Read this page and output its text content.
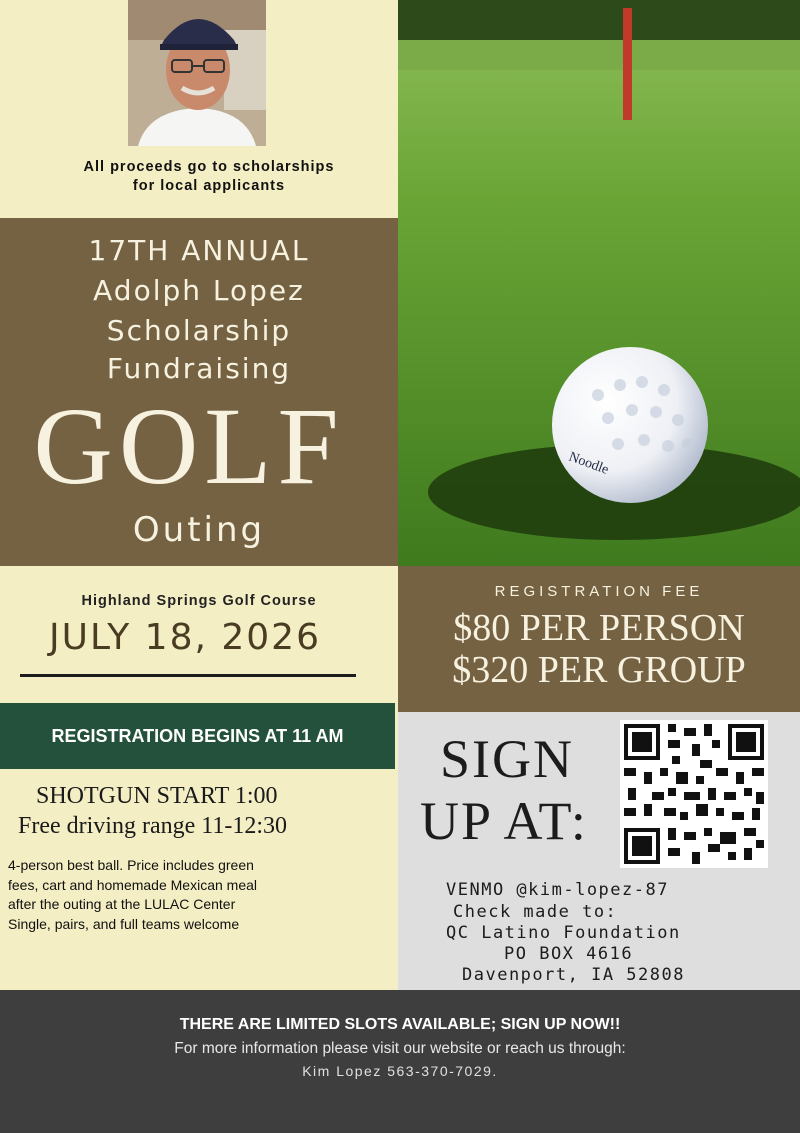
All proceeds go to scholarships
for local applicants
17TH ANNUAL
Adolph Lopez
Scholarship
Fundraising
GOLF
Outing
Noodle
Highland Springs Golf Course
JULY 18, 2026
REGISTRATION BEGINS AT 11 AM
SHOTGUN START 1:00
Free driving range 11-12:30
4-person best ball. Price includes green
fees, cart and homemade Mexican meal
after the outing at the LULAC Center
Single, pairs, and full teams welcome
REGISTRATION FEE
$80 PER PERSON
$320 PER GROUP
SIGN
UP AT:
VENMO @kim-lopez-87
Check made to:
QC Latino Foundation
PO BOX 4616
Davenport, IA 52808
THERE ARE LIMITED SLOTS AVAILABLE; SIGN UP NOW!!
For more information please visit our website or reach us through:
Kim Lopez 563-370-7029.
